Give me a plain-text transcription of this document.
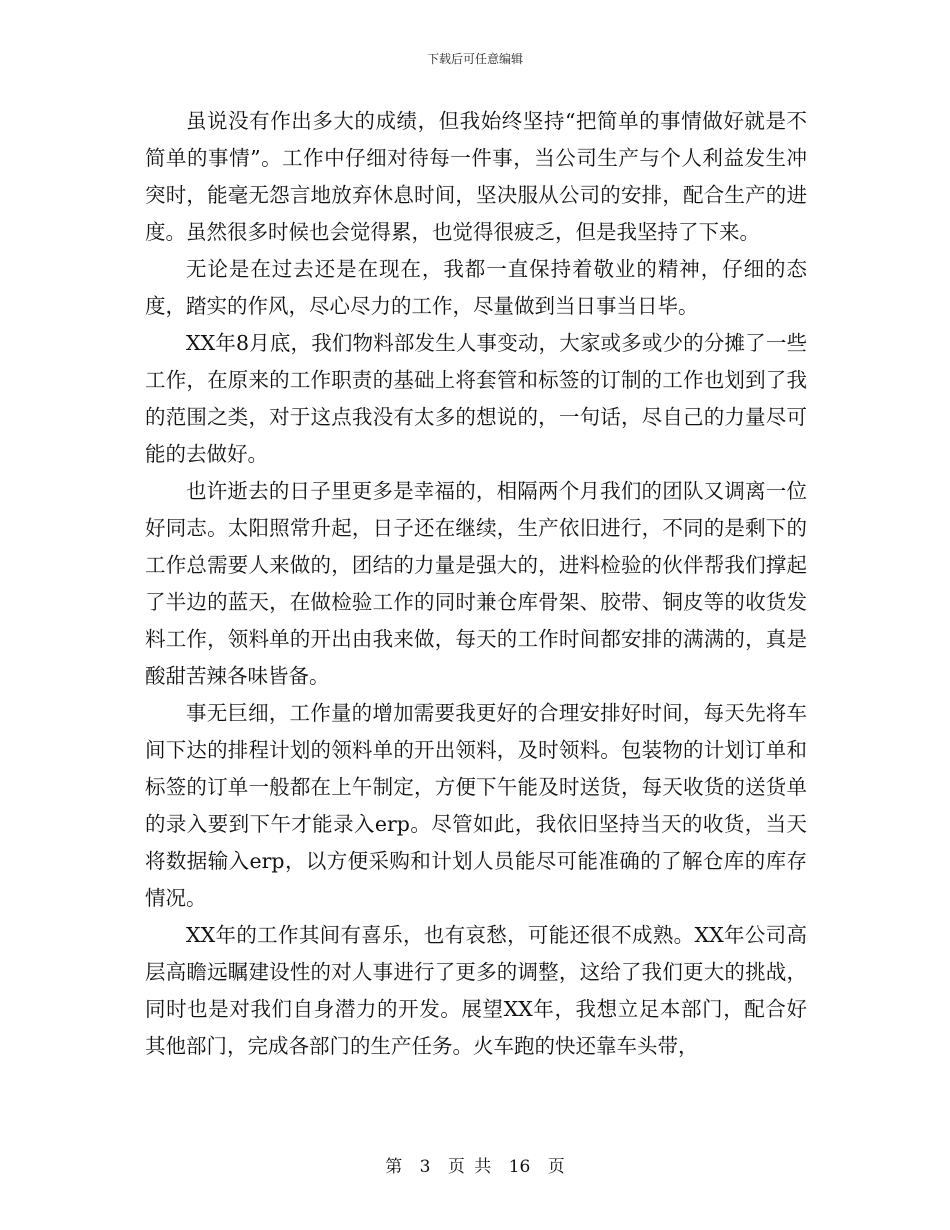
下载后可任意编辑

虽说没有作出多大的成绩，但我始终坚持“把简单的事情做好就是不简单的事情”。工作中仔细对待每一件事，当公司生产与个人利益发生冲突时，能毫无怨言地放弃休息时间，坚决服从公司的安排，配合生产的进度。虽然很多时候也会觉得累，也觉得很疲乏，但是我坚持了下来。

无论是在过去还是在现在，我都一直保持着敬业的精神，仔细的态度，踏实的作风，尽心尽力的工作，尽量做到当日事当日毕。

XX年8月底，我们物料部发生人事变动，大家或多或少的分摊了一些工作，在原来的工作职责的基础上将套管和标签的订制的工作也划到了我的范围之类，对于这点我没有太多的想说的，一句话，尽自己的力量尽可能的去做好。

也许逝去的日子里更多是幸福的，相隔两个月我们的团队又调离一位好同志。太阳照常升起，日子还在继续，生产依旧进行，不同的是剩下的工作总需要人来做的，团结的力量是强大的，进料检验的伙伴帮我们撑起了半边的蓝天，在做检验工作的同时兼仓库骨架、胶带、铜皮等的收货发料工作，领料单的开出由我来做，每天的工作时间都安排的满满的，真是酸甜苦辣各味皆备。

事无巨细，工作量的增加需要我更好的合理安排好时间，每天先将车间下达的排程计划的领料单的开出领料，及时领料。包装物的计划订单和标签的订单一般都在上午制定，方便下午能及时送货，每天收货的送货单的录入要到下午才能录入erp。尽管如此，我依旧坚持当天的收货，当天将数据输入erp，以方便采购和计划人员能尽可能准确的了解仓库的库存情况。

XX年的工作其间有喜乐，也有哀愁，可能还很不成熟。XX年公司高层高瞻远瞩建设性的对人事进行了更多的调整，这给了我们更大的挑战，同时也是对我们自身潜力的开发。展望XX年，我想立足本部门，配合好其他部门，完成各部门的生产任务。火车跑的快还靠车头带，

第 3 页 共 16 页
